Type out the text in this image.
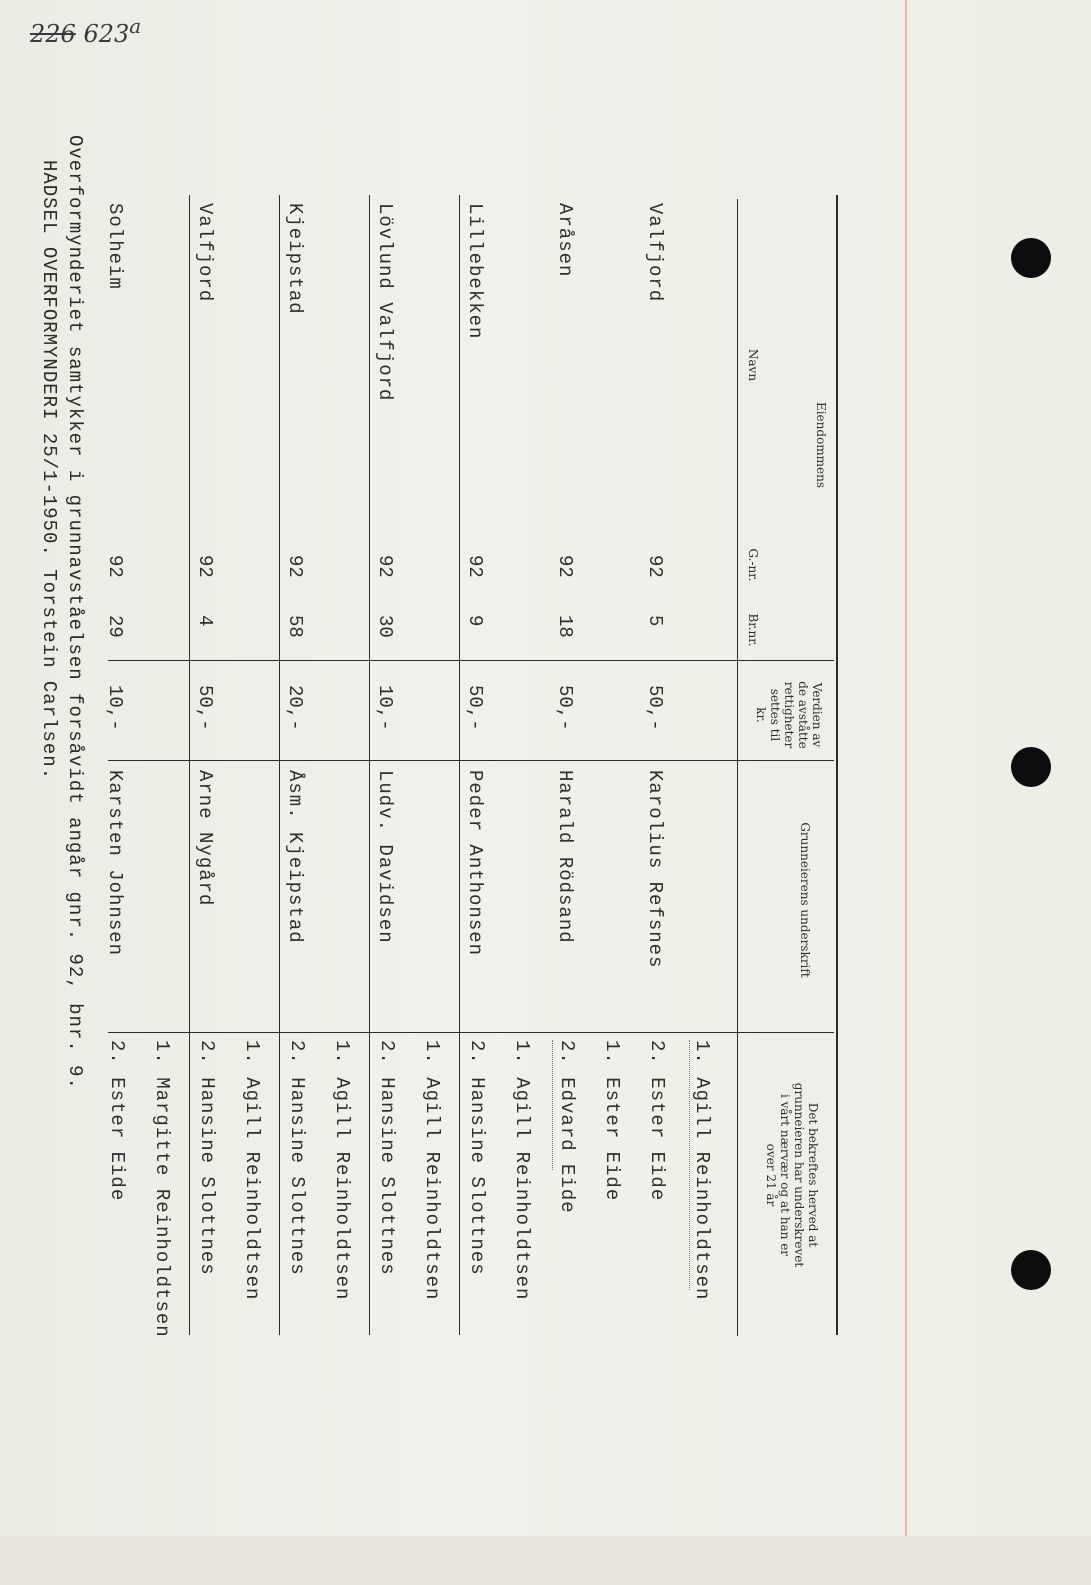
226 623$^a$
Eiendommens
Navn
G.-nr.
Br.nr.
Verdien av
de avståtte
rettigheter
settes til
kr.
Grunneierens underskrift
Det bekreftes herved at
grunneieren har underskrevet
i vårt nærvær og at han er
over 21 år
Valfjord
92
5
50,-
Karolius Refsnes
1. Agill Reinholdtsen
2. Ester Eide
Aråsen
92
18
50,-
Harald Rödsand
1. Ester Eide
2. Edvard Eide
Lillebekken
92
9
50,-
Peder Anthonsen
1. Agill Reinholdtsen
2. Hansine Slottnes
Lövlund Valfjord
92
30
10,-
Ludv. Davidsen
1. Agill Reinholdtsen
2. Hansine Slottnes
Kjeipstad
92
58
20,-
Åsm. Kjeipstad
1. Agill Reinholdtsen
2. Hansine Slottnes
Valfjord
92
4
50,-
Arne Nygård
1. Agill Reinholdtsen
2. Hansine Slottnes
Solheim
92
29
10,-
Karsten Johnsen
1. Margitte Reinholdtsen
2. Ester Eide
Overformynderiet samtykker i grunnavståelsen forsåvidt angår gnr. 92, bnr. 9.
HADSEL OVERFORMYNDERI 25/1-1950. Torstein Carlsen.
